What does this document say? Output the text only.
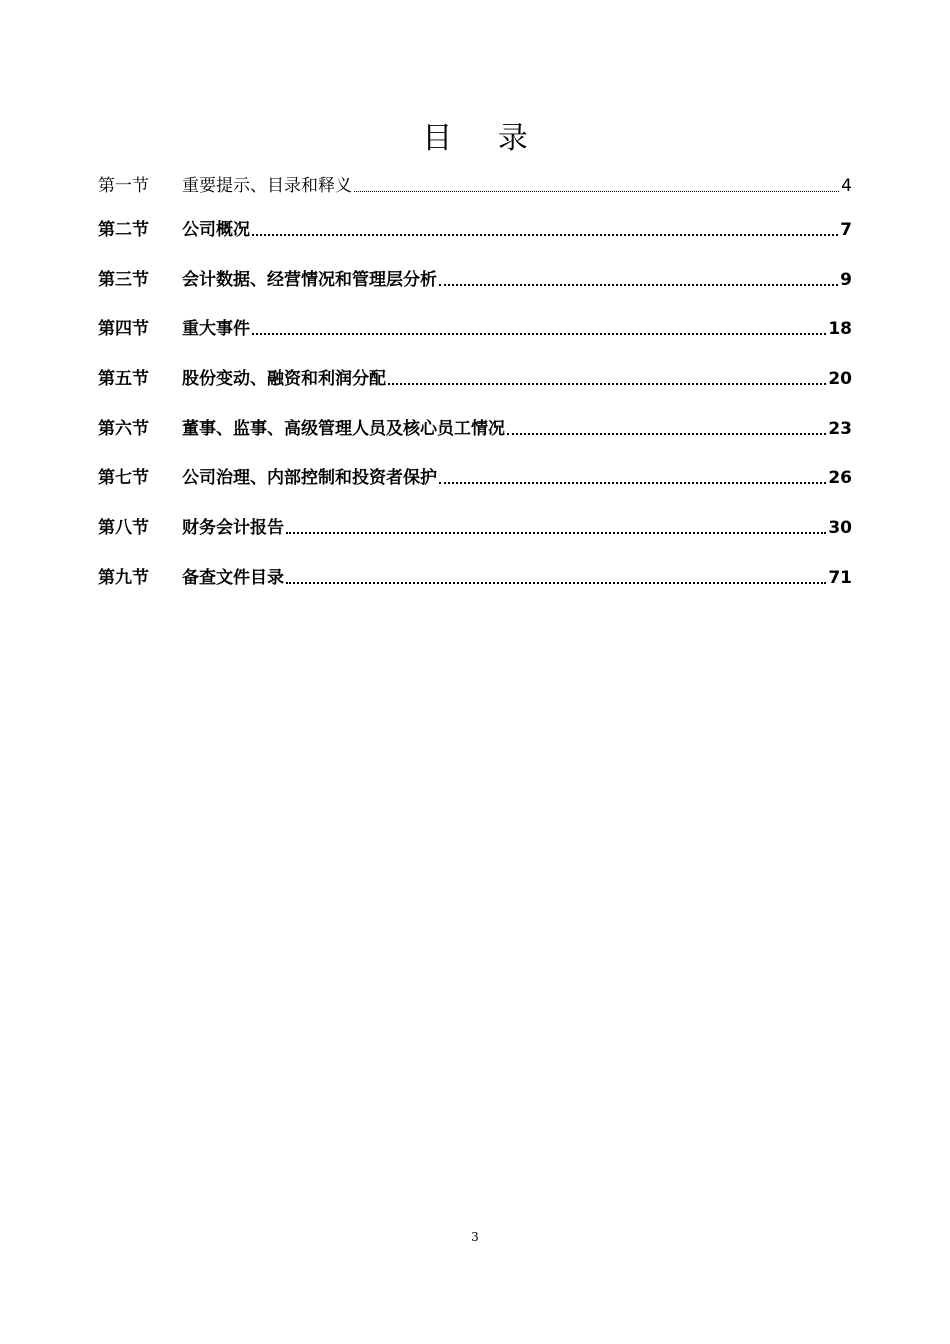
目 录
第一节	重要提示、目录和释义	4
第二节	公司概况	7
第三节	会计数据、经营情况和管理层分析	9
第四节	重大事件	18
第五节	股份变动、融资和利润分配	20
第六节	董事、监事、高级管理人员及核心员工情况	23
第七节	公司治理、内部控制和投资者保护	26
第八节	财务会计报告	30
第九节	备查文件目录	71
3
